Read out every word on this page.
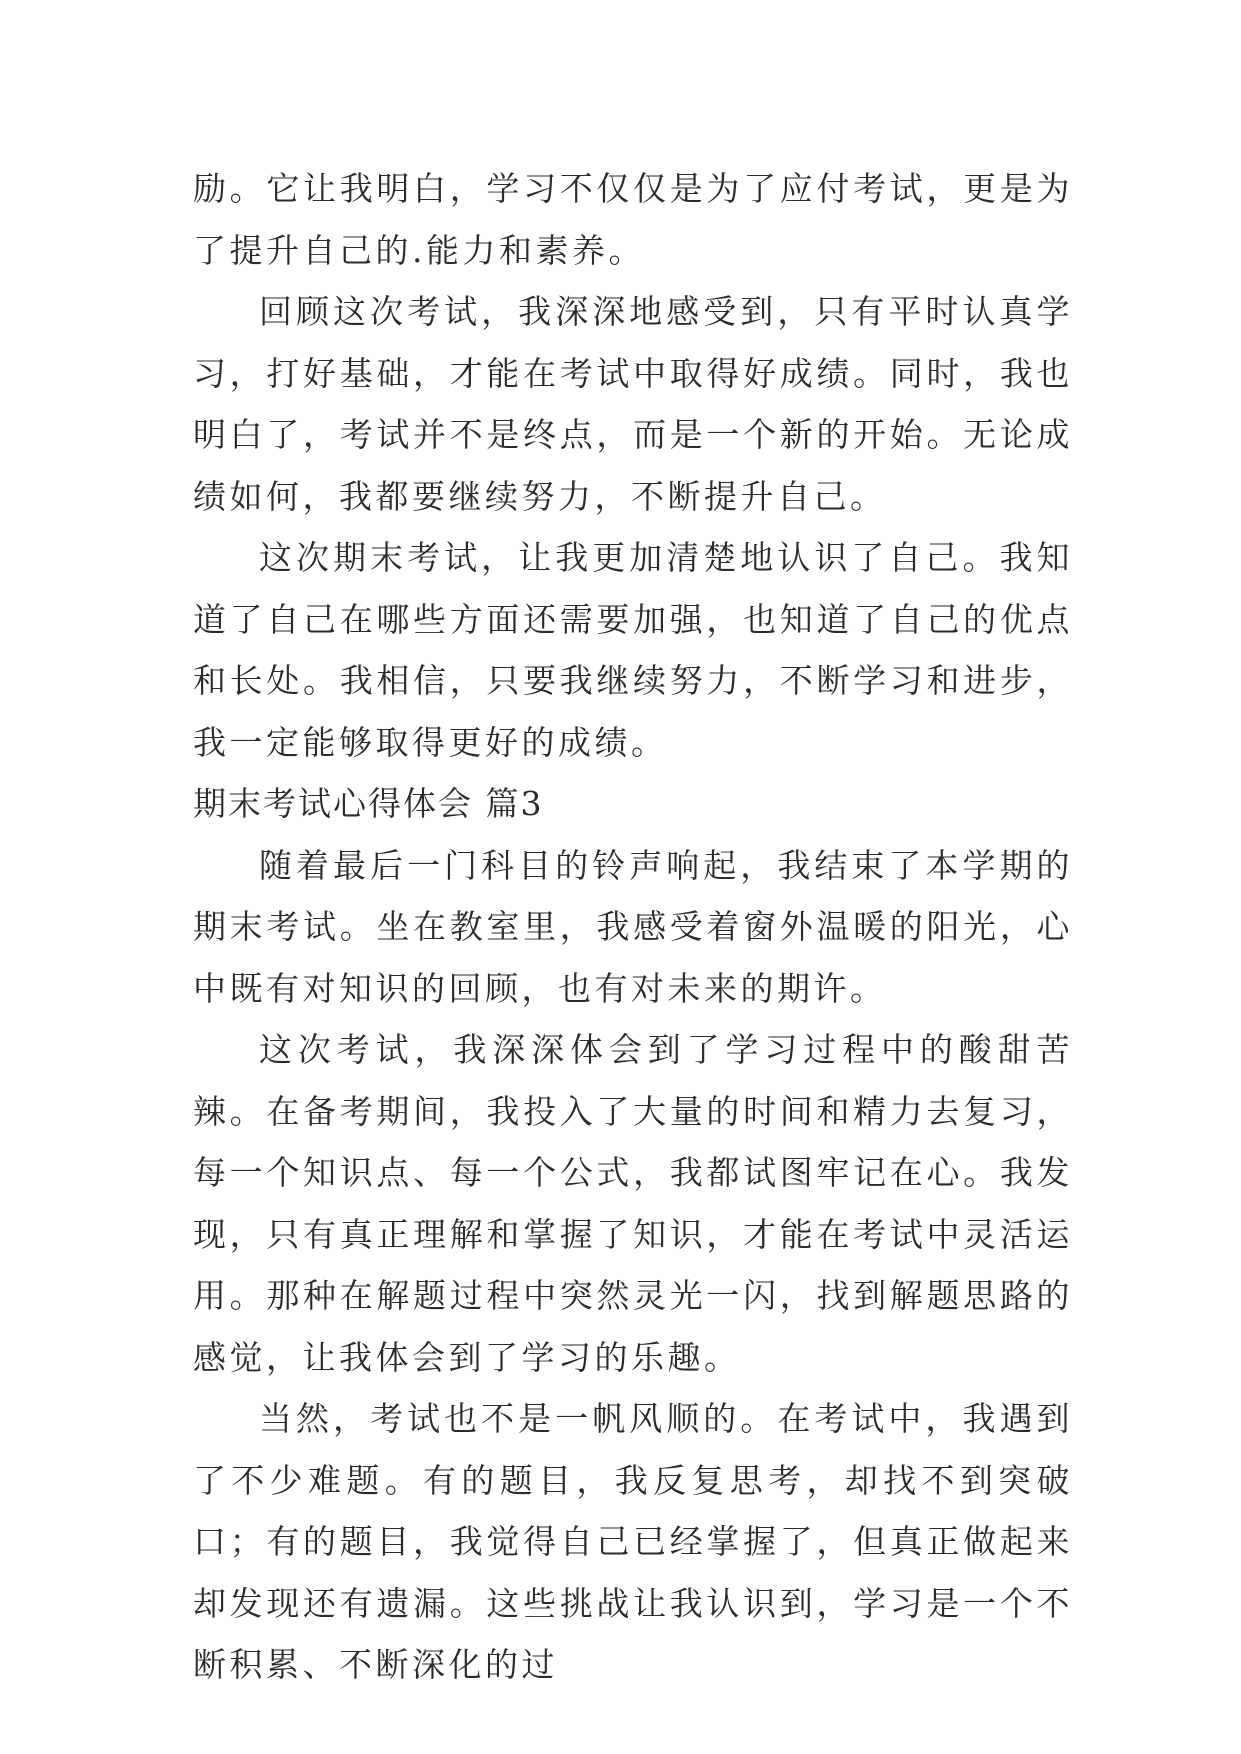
励。它让我明白，学习不仅仅是为了应付考试，更是为了提升自己的.能力和素养。

回顾这次考试，我深深地感受到，只有平时认真学习，打好基础，才能在考试中取得好成绩。同时，我也明白了，考试并不是终点，而是一个新的开始。无论成绩如何，我都要继续努力，不断提升自己。

这次期末考试，让我更加清楚地认识了自己。我知道了自己在哪些方面还需要加强，也知道了自己的优点和长处。我相信，只要我继续努力，不断学习和进步，我一定能够取得更好的成绩。

期末考试心得体会 篇3

随着最后一门科目的铃声响起，我结束了本学期的期末考试。坐在教室里，我感受着窗外温暖的阳光，心中既有对知识的回顾，也有对未来的期许。

这次考试，我深深体会到了学习过程中的酸甜苦辣。在备考期间，我投入了大量的时间和精力去复习，每一个知识点、每一个公式，我都试图牢记在心。我发现，只有真正理解和掌握了知识，才能在考试中灵活运用。那种在解题过程中突然灵光一闪，找到解题思路的感觉，让我体会到了学习的乐趣。

当然，考试也不是一帆风顺的。在考试中，我遇到了不少难题。有的题目，我反复思考，却找不到突破口；有的题目，我觉得自己已经掌握了，但真正做起来却发现还有遗漏。这些挑战让我认识到，学习是一个不断积累、不断深化的过
